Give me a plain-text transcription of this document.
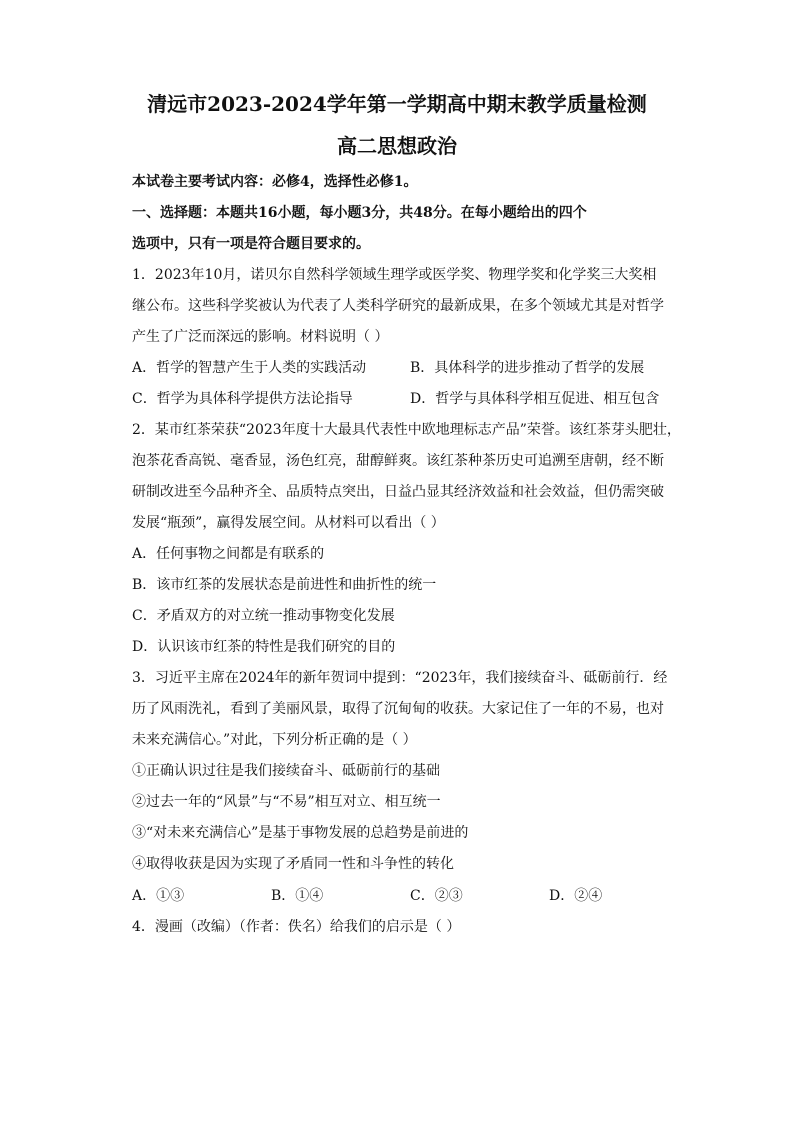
清远市2023-2024学年第一学期高中期末教学质量检测
高二思想政治
本试卷主要考试内容：必修4，选择性必修1。
一、选择题：本题共16小题，每小题3分，共48分。在每小题给出的四个
选项中，只有一项是符合题目要求的。
1．2023年10月，诺贝尔自然科学领域生理学或医学奖、物理学奖和化学奖三大奖相
继公布。这些科学奖被认为代表了人类科学研究的最新成果，在多个领域尤其是对哲学
产生了广泛而深远的影响。材料说明（ ）
A．哲学的智慧产生于人类的实践活动	B．具体科学的进步推动了哲学的发展
C．哲学为具体科学提供方法论指导	D．哲学与具体科学相互促进、相互包含
2．某市红茶荣获“2023年度十大最具代表性中欧地理标志产品”荣誉。该红茶芽头肥壮，
泡茶花香高锐、毫香显，汤色红亮，甜醇鲜爽。该红茶种茶历史可追溯至唐朝，经不断
研制改进至今品种齐全、品质特点突出，日益凸显其经济效益和社会效益，但仍需突破
发展“瓶颈”，赢得发展空间。从材料可以看出（ ）
A．任何事物之间都是有联系的
B．该市红茶的发展状态是前进性和曲折性的统一
C．矛盾双方的对立统一推动事物变化发展
D．认识该市红茶的特性是我们研究的目的
3．习近平主席在2024年的新年贺词中提到：“2023年，我们接续奋斗、砥砺前行．经
历了风雨洗礼，看到了美丽风景，取得了沉甸甸的收获。大家记住了一年的不易，也对
未来充满信心。”对此，下列分析正确的是（ ）
①正确认识过往是我们接续奋斗、砥砺前行的基础
②过去一年的“风景”与“不易”相互对立、相互统一
③“对未来充满信心”是基于事物发展的总趋势是前进的
④取得收获是因为实现了矛盾同一性和斗争性的转化
A．①③	B．①④	C．②③	D．②④
4．漫画（改编）（作者：佚名）给我们的启示是（ ）
